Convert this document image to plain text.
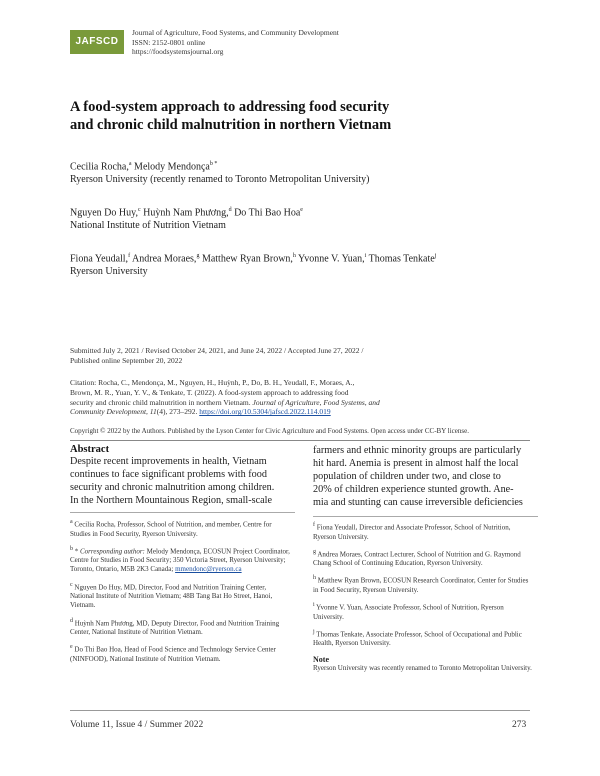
JAFSCD
Journal of Agriculture, Food Systems, and Community Development
ISSN: 2152-0801 online
https://foodsystemsjournal.org
A food-system approach to addressing food security
and chronic child malnutrition in northern Vietnam
Cecilia Rocha,$^a$ Melody Mendonça$^{b *}$
Ryerson University (recently renamed to Toronto Metropolitan University)
Nguyen Do Huy,$^c$ Huỳnh Nam Phương,$^d$ Do Thi Bao Hoa$^e$
National Institute of Nutrition Vietnam
Fiona Yeudall,$^f$ Andrea Moraes,$^g$ Matthew Ryan Brown,$^h$ Yvonne V. Yuan,$^i$ Thomas Tenkate$^j$
Ryerson University
Submitted July 2, 2021 / Revised October 24, 2021, and June 24, 2022 / Accepted June 27, 2022 /
Published online September 20, 2022
Citation: Rocha, C., Mendonça, M., Nguyen, H., Huỳnh, P., Do, B. H., Yeudall, F., Moraes, A.,
Brown, M. R., Yuan, Y. V., & Tenkate, T. (2022). A food-system approach to addressing food
security and chronic child malnutrition in northern Vietnam. Journal of Agriculture, Food Systems, and
Community Development, 11(4), 273–292. https://doi.org/10.5304/jafscd.2022.114.019
Copyright © 2022 by the Authors. Published by the Lyson Center for Civic Agriculture and Food Systems. Open access under CC-BY license.
Abstract
Despite recent improvements in health, Vietnam
continues to face significant problems with food
security and chronic malnutrition among children.
In the Northern Mountainous Region, small-scale
farmers and ethnic minority groups are particularly
hit hard. Anemia is present in almost half the local
population of children under two, and close to
20% of children experience stunted growth. Ane-
mia and stunting can cause irreversible deficiencies

a Cecilia Rocha, Professor, School of Nutrition, and member, Centre for Studies in Food Security, Ryerson University.

b * Corresponding author: Melody Mendonça, ECOSUN Project Coordinator, Centre for Studies in Food Security; 350 Victoria Street, Ryerson University; Toronto, Ontario, M5B 2K3 Canada; mmendonc@ryerson.ca

c Nguyen Do Huy, MD, Director, Food and Nutrition Training Center, National Institute of Nutrition Vietnam; 48B Tang Bat Ho Street, Hanoi, Vietnam.

d Huỳnh Nam Phương, MD, Deputy Director, Food and Nutrition Training Center, National Institute of Nutrition Vietnam.

e Do Thi Bao Hoa, Head of Food Science and Technology Service Center (NINFOOD), National Institute of Nutrition Vietnam.

f Fiona Yeudall, Director and Associate Professor, School of Nutrition, Ryerson University.

g Andrea Moraes, Contract Lecturer, School of Nutrition and G. Raymond Chang School of Continuing Education, Ryerson University.

h Matthew Ryan Brown, ECOSUN Research Coordinator, Center for Studies in Food Security, Ryerson University.

i Yvonne V. Yuan, Associate Professor, School of Nutrition, Ryerson University.

j Thomas Tenkate, Associate Professor, School of Occupational and Public Health, Ryerson University.

Note
Ryerson University was recently renamed to Toronto Metropolitan University.
Volume 11, Issue 4 / Summer 2022	273
